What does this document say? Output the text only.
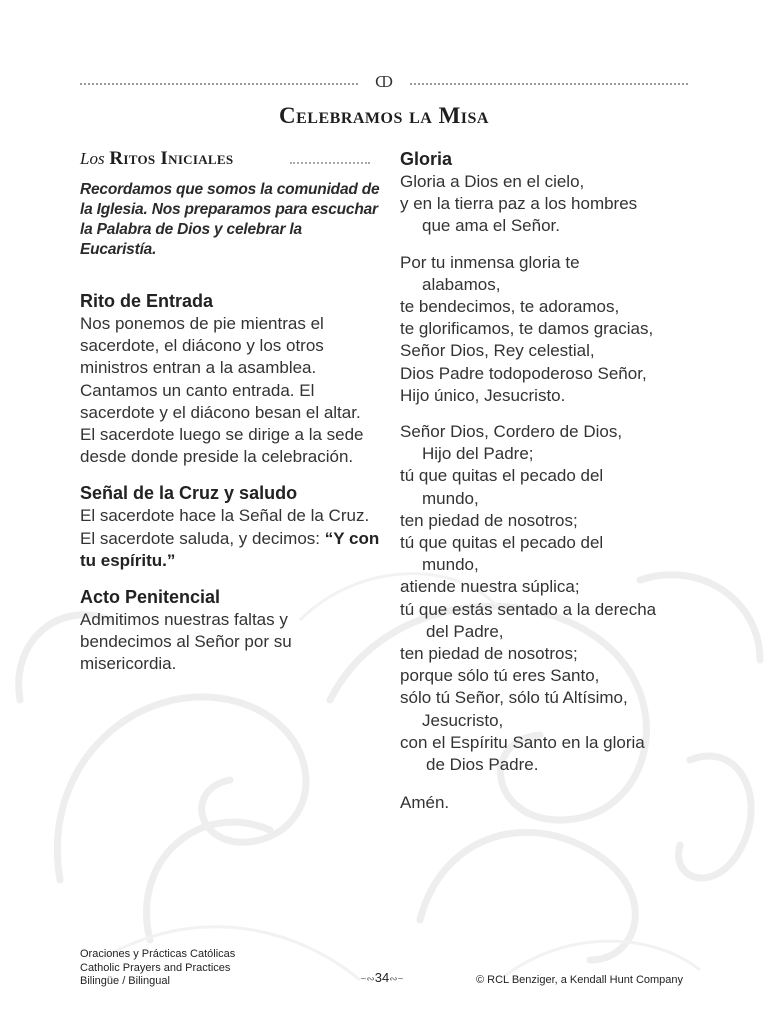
ↀ
Celebramos la Misa
Los Ritos Iniciales
Recordamos que somos la comunidad de la Iglesia. Nos preparamos para escuchar la Palabra de Dios y celebrar la Eucaristía.
Rito de Entrada
Nos ponemos de pie mientras el sacerdote, el diácono y los otros ministros entran a la asamblea. Cantamos un canto entrada. El sacerdote y el diácono besan el altar. El sacerdote luego se dirige a la sede desde donde preside la celebración.
Señal de la Cruz y saludo
El sacerdote hace la Señal de la Cruz. El sacerdote saluda, y decimos: “Y con tu espíritu.”
Acto Penitencial
Admitimos nuestras faltas y bendecimos al Señor por su misericordia.
Gloria
Gloria a Dios en el cielo,
y en la tierra paz a los hombres
que ama el Señor.
Por tu inmensa gloria te
alabamos,
te bendecimos, te adoramos,
te glorificamos, te damos gracias,
Señor Dios, Rey celestial,
Dios Padre todopoderoso Señor,
Hijo único, Jesucristo.
Señor Dios, Cordero de Dios,
Hijo del Padre;
tú que quitas el pecado del
mundo,
ten piedad de nosotros;
tú que quitas el pecado del
mundo,
atiende nuestra súplica;
tú que estás sentado a la derecha
del Padre,
ten piedad de nosotros;
porque sólo tú eres Santo,
sólo tú Señor, sólo tú Altísimo,
Jesucristo,
con el Espíritu Santo en la gloria
de Dios Padre.
Amén.
Oraciones y Prácticas Católicas
Catholic Prayers and Practices
Bilingüe / Bilingual	~∾34∾~	© RCL Benziger, a Kendall Hunt Company
